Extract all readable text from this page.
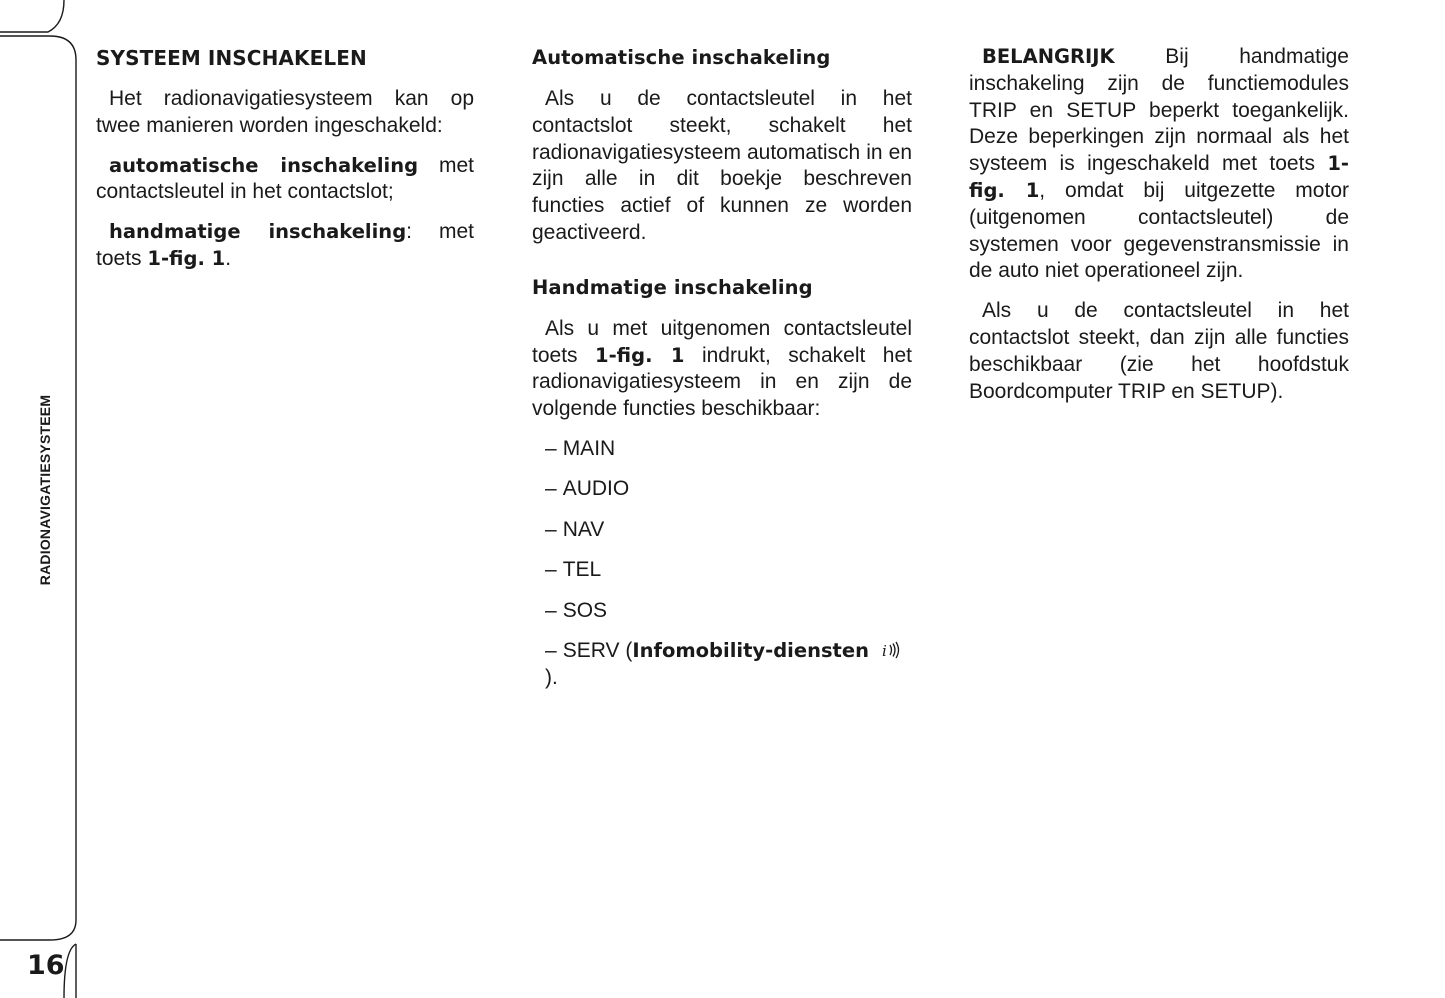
RADIONAVIGATIESYSTEEM
16
SYSTEEM INSCHAKELEN

Het radionavigatiesysteem kan op twee manieren worden ingeschakeld:

automatische inschakeling met contactsleutel in het contactslot;

handmatige inschakeling: met toets 1-fig. 1.

Automatische inschakeling

Als u de contactsleutel in het contactslot steekt, schakelt het radionavigatiesysteem automatisch in en zijn alle in dit boekje beschreven functies actief of kunnen ze worden geactiveerd.

Handmatige inschakeling

Als u met uitgenomen contactsleutel toets 1-fig. 1 indrukt, schakelt het radionavigatiesysteem in en zijn de volgende functies beschikbaar:

– MAIN
– AUDIO
– NAV
– TEL
– SOS
– SERV (Infomobility-diensten i
).

BELANGRIJK Bij handmatige inschakeling zijn de functiemodules TRIP en SETUP beperkt toegankelijk. Deze beperkingen zijn normaal als het systeem is ingeschakeld met toets 1-fig. 1, omdat bij uitgezette motor (uitgenomen contactsleutel) de systemen voor gegevenstransmissie in de auto niet operationeel zijn.

Als u de contactsleutel in het contactslot steekt, dan zijn alle functies beschikbaar (zie het hoofdstuk Boordcomputer TRIP en SETUP).
